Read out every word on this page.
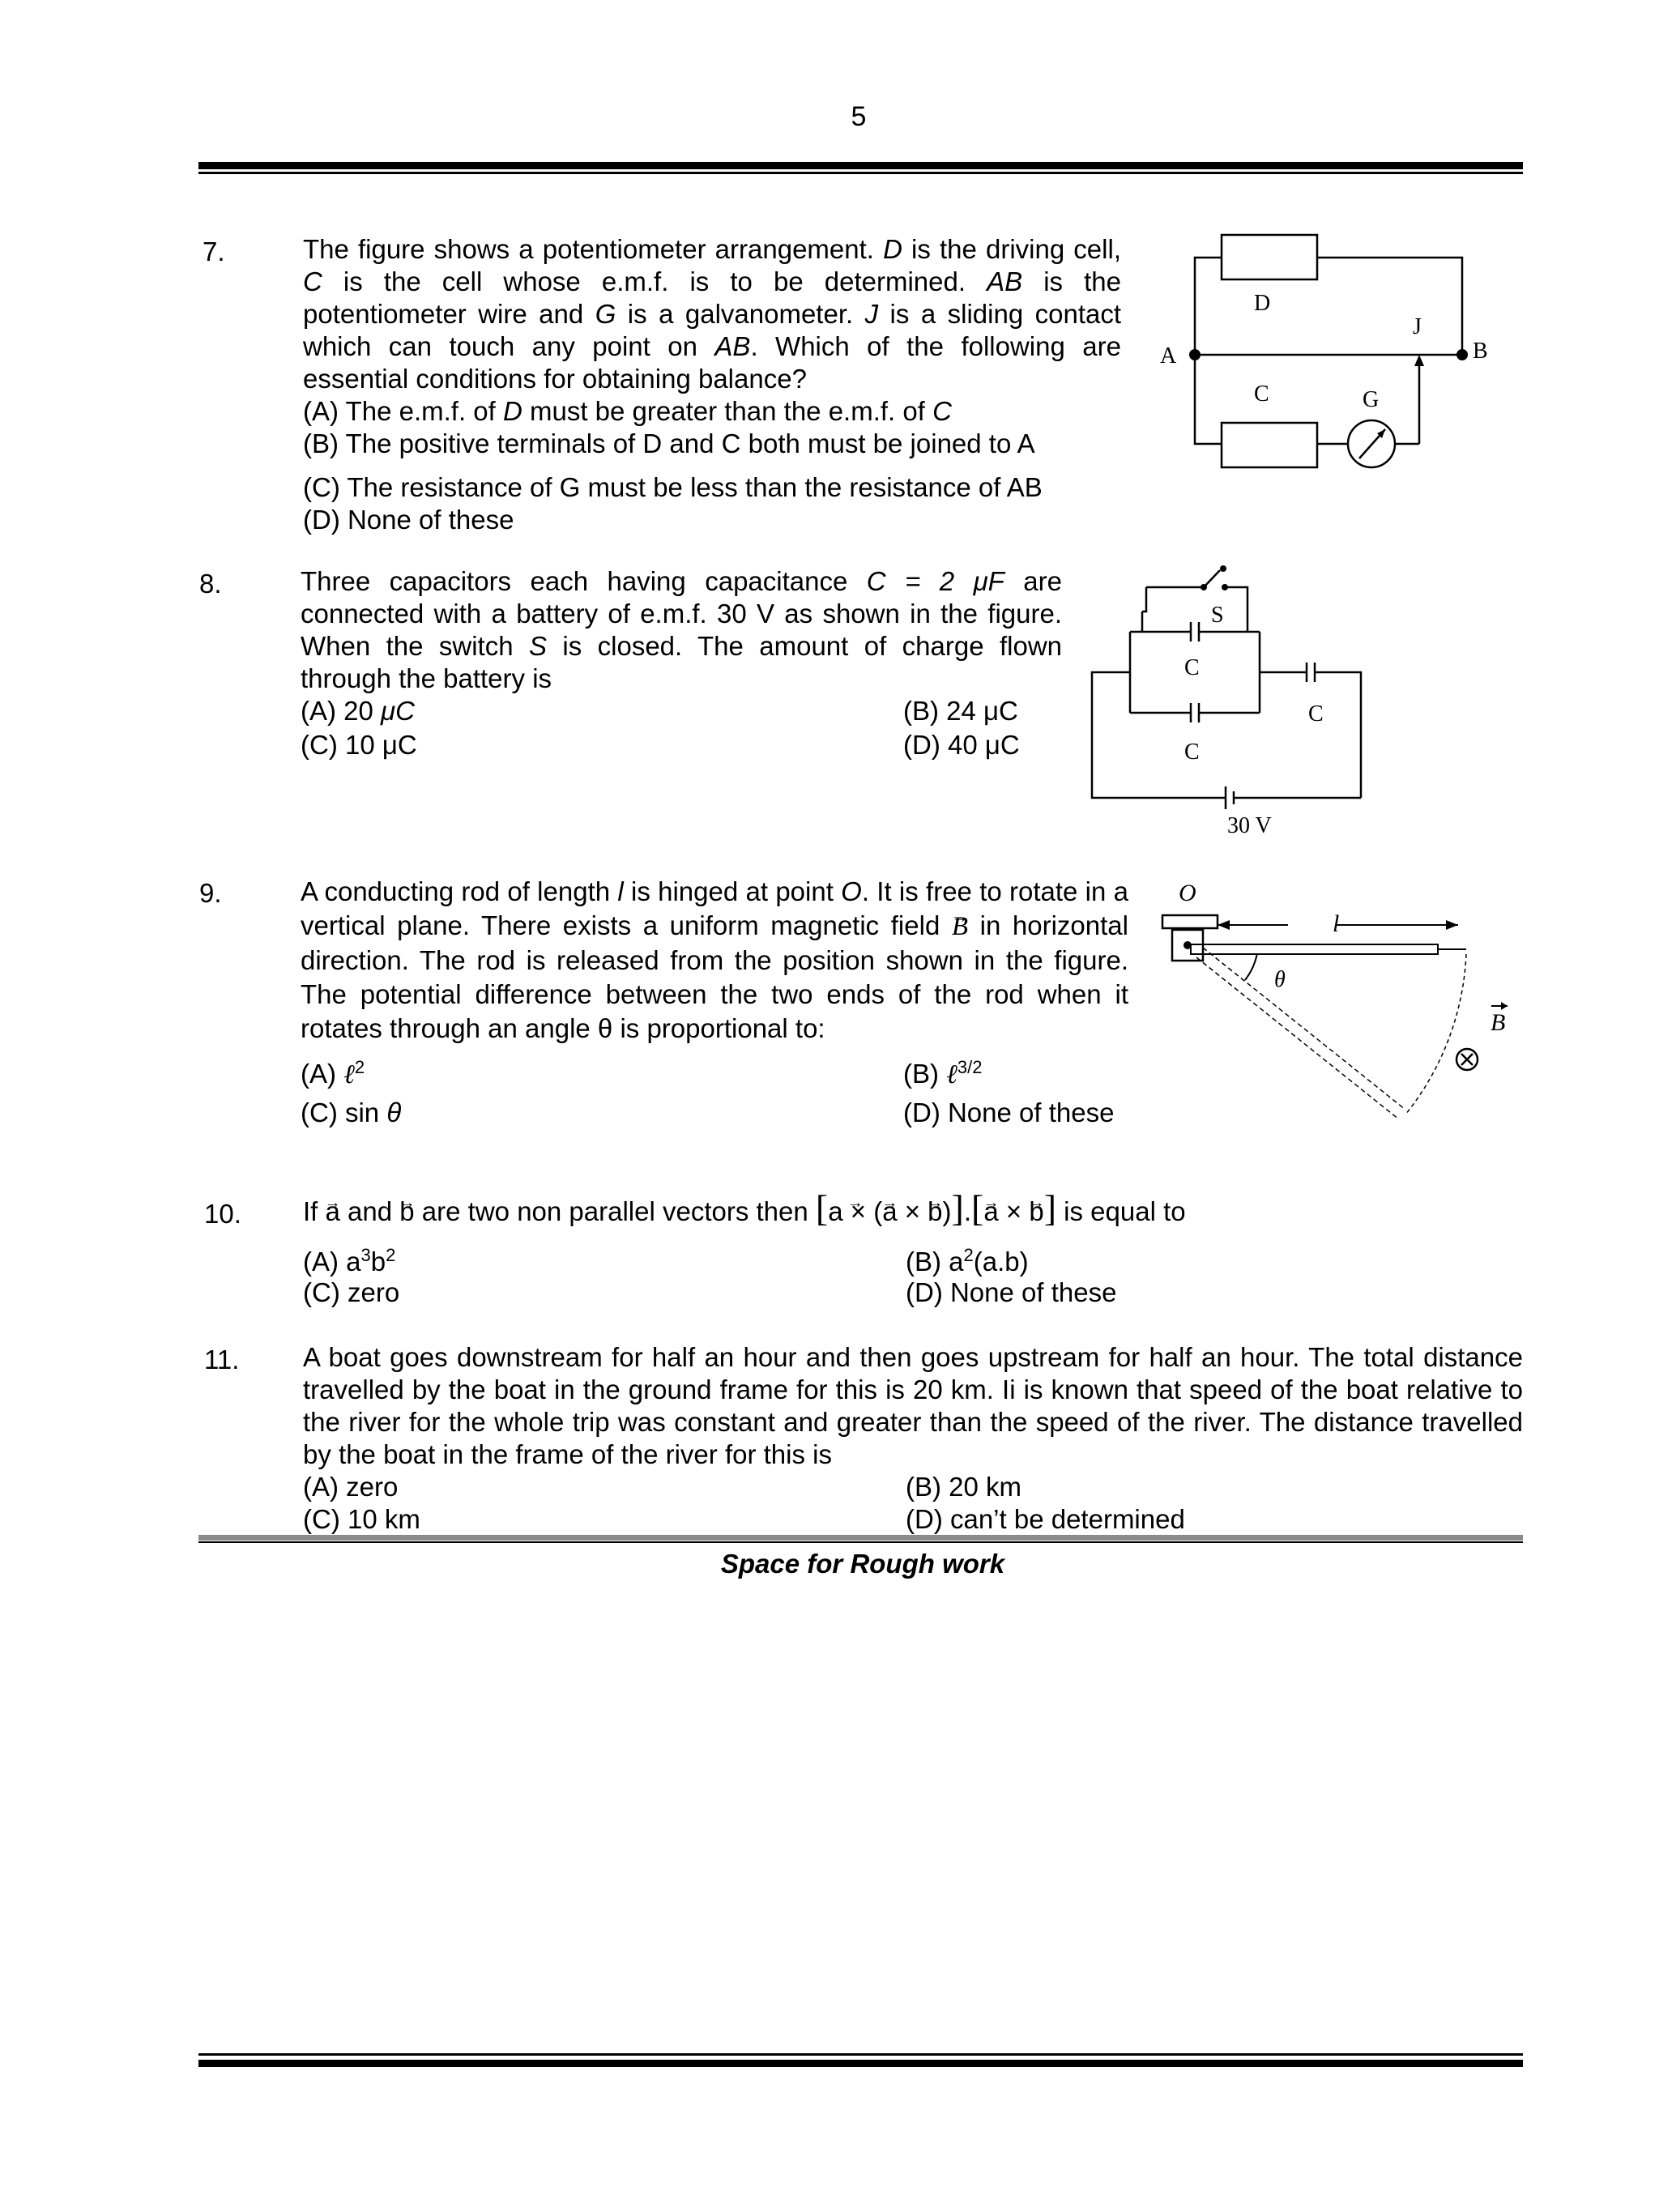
5
7.	The figure shows a potentiometer arrangement. D is the driving cell, C is the cell whose e.m.f. is to be determined. AB is the potentiometer wire and G is a galvanometer. J is a sliding contact which can touch any point on AB. Which of the following are essential conditions for obtaining balance?

(A) The e.m.f. of D must be greater than the e.m.f. of C
(B) The positive terminals of D and C both must be joined to A
(C) The resistance of G must be less than the resistance of AB
(D) None of these
D
C	G
J
A	B
8.	Three capacitors each having capacitance C = 2 μF are connected with a battery of e.m.f. 30 V as shown in the figure. When the switch S is closed. The amount of charge flown through the battery is

(A) 20 μC	(B) 24 μC
(C) 10 μC	(D) 40 μC
S
C
C
C
30 V
9.	A conducting rod of length l is hinged at point O. It is free to rotate in a vertical plane. There exists a uniform magnetic field → B in horizontal direction. The rod is released from the position shown in the figure. The potential difference between the two ends of the rod when it rotates through an angle θ is proportional to:

(A) ℓ$^2$	(B) ℓ$^{3/2}$
(C) sin θ	(D) None of these
O
l
θ
B
10. If → a and → b are two non parallel vectors then [→ a × (→ a × → b)].[→ a × → b] is equal to
(A) $a^3b^2$	(B) $a^2(a.b)$
(C) zero	(D) None of these
11. A boat goes downstream for half an hour and then goes upstream for half an hour. The total distance travelled by the boat in the ground frame for this is 20 km. Ii is known that speed of the boat relative to the river for the whole trip was constant and greater than the speed of the river. The distance travelled by the boat in the frame of the river for this is
(A) zero	(B) 20 km
(C) 10 km	(D) can’t be determined
Space for Rough work
